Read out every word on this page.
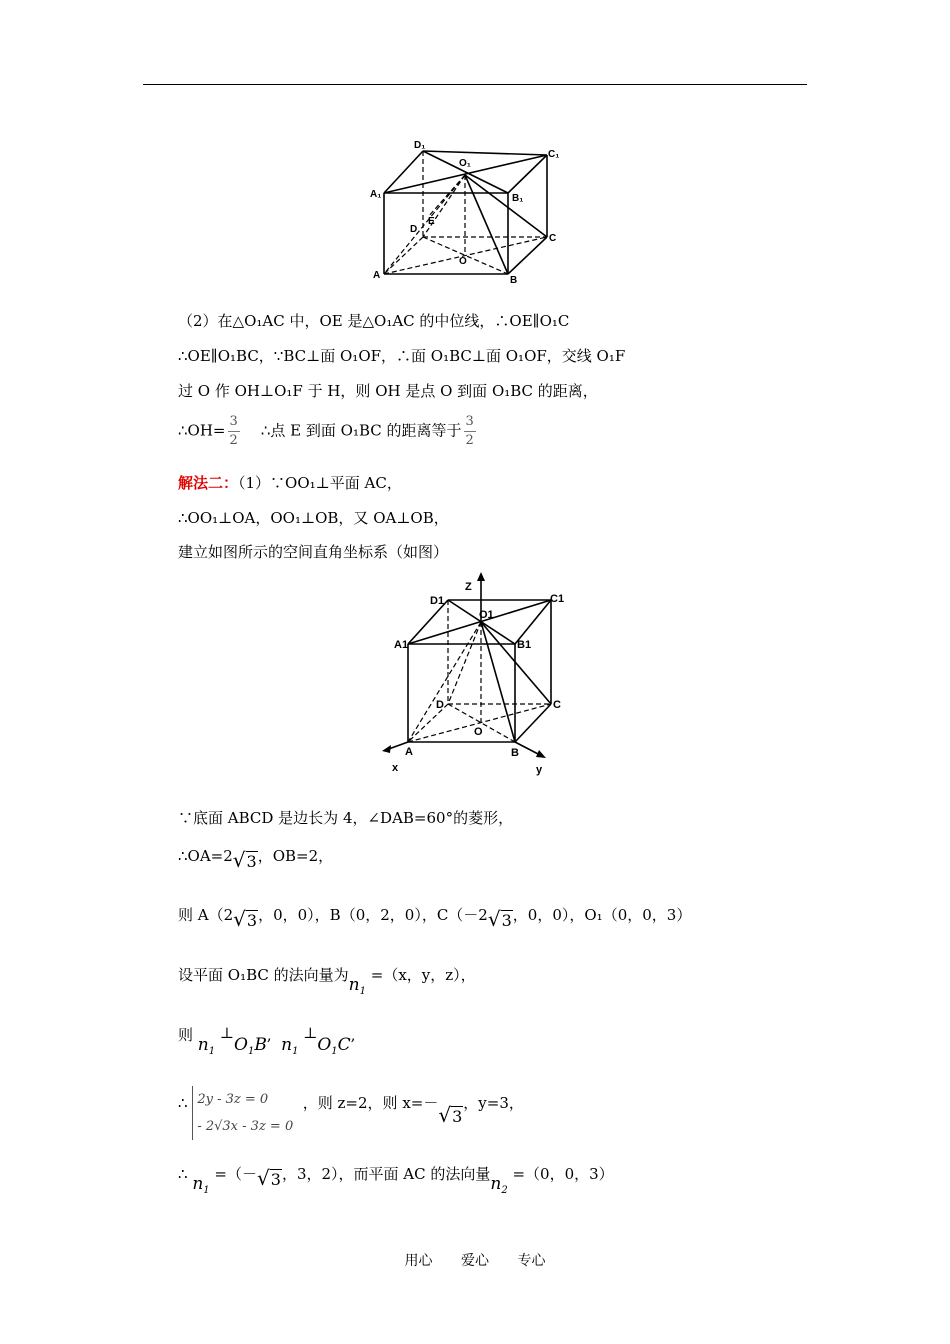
D₁
O₁
C₁
A₁	B₁
E
D
C
A
O
B
（2）在△O₁AC 中，OE 是△O₁AC 的中位线，∴OE∥O₁C
∴OE∥O₁BC，∵BC⊥面 O₁OF，∴面 O₁BC⊥面 O₁OF，交线 O₁F
过 O 作 OH⊥O₁F 于 H，则 OH 是点 O 到面 O₁BC 的距离，
∴OH= $\frac{3}{2}$ ∴点 E 到面 O₁BC 的距离等于 $\frac{3}{2}$
解法二：（1）∵OO₁⊥平面 AC，
∴OO₁⊥OA，OO₁⊥OB，又 OA⊥OB，
建立如图所示的空间直角坐标系（如图）
Z
D1
O1
C1
A1	B1
D	C
O
A	B
x	y
∵底面 ABCD 是边长为 4，∠DAB=60°的菱形，
∴OA=2√3，OB=2，
则 A（2√3，0，0），B（0，2，0），C（－2√3，0，0），O₁（0，0，3）
设平面 O₁BC 的法向量为$n_1 =(x$，y，z），
则 $n_1$ $\perp O_1B$,  $n_1$ $\perp O_1C$,
∴ 2y - 3z = 0
- 2√3x - 3z = 0
，则 z=2，则 x=－√3，y=3，
∴ $n_1 =(-√3$，3，2），而平面 AC 的法向量$n_2 =(0$，0，3）
用心 爱心 专心
